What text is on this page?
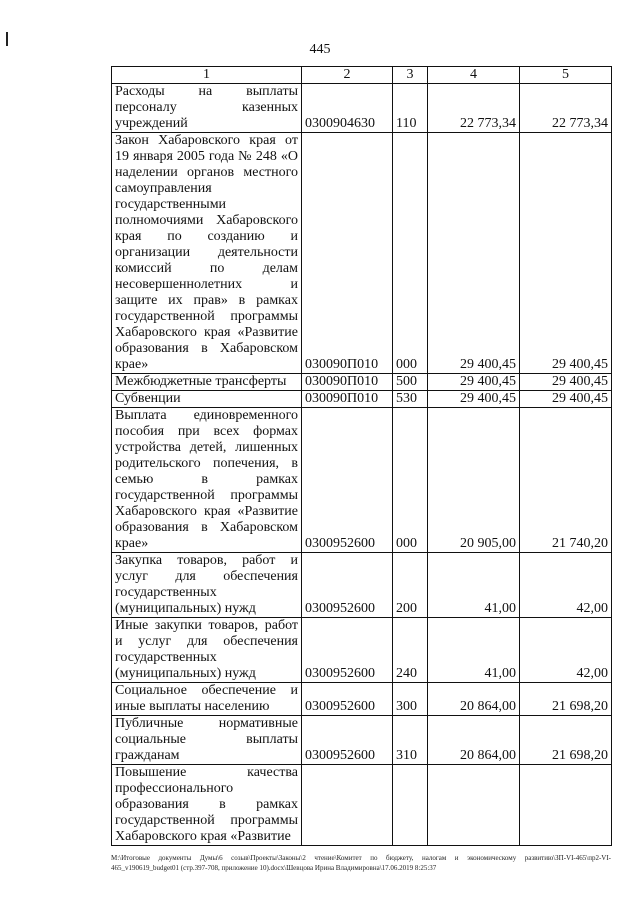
445
1	2	3	4	5
Расходы на выплаты персоналу казенных учреждений	0300904630	110	22 773,34	22 773,34
Закон Хабаровского края от 19 января 2005 года № 248 «О наделении органов местного самоуправления государственными полномочиями Хабаровского края по созданию и организации деятельности комиссий по делам несовершеннолетних и защите их прав» в рамках государственной программы Хабаровского края «Развитие образования в Хабаровском крае»	030090П010	000	29 400,45	29 400,45
Межбюджетные трансферты	030090П010	500	29 400,45	29 400,45
Субвенции	030090П010	530	29 400,45	29 400,45
Выплата единовременного пособия при всех формах устройства детей, лишенных родительского попечения, в семью в рамках государственной программы Хабаровского края «Развитие образования в Хабаровском крае»	0300952600	000	20 905,00	21 740,20
Закупка товаров, работ и услуг для обеспечения государственных (муниципальных) нужд	0300952600	200	41,00	42,00
Иные закупки товаров, работ и услуг для обеспечения государственных (муниципальных) нужд	0300952600	240	41,00	42,00
Социальное обеспечение и иные выплаты населению	0300952600	300	20 864,00	21 698,20
Публичные нормативные социальные выплаты гражданам	0300952600	310	20 864,00	21 698,20
Повышение качества профессионального образования в рамках государственной программы Хабаровского края «Развитие				
M:\Итоговые документы Думы\6 созыв\Проекты\Законы\2 чтение\Комитет по бюджету, налогам и экономическому развитию\ЗП-VI-465\пр2-VI-465_v190619_budget01 (стр.397-708, приложение 10).docx\Шевцова Ирина Владимировна\17.06.2019 8:25:37
